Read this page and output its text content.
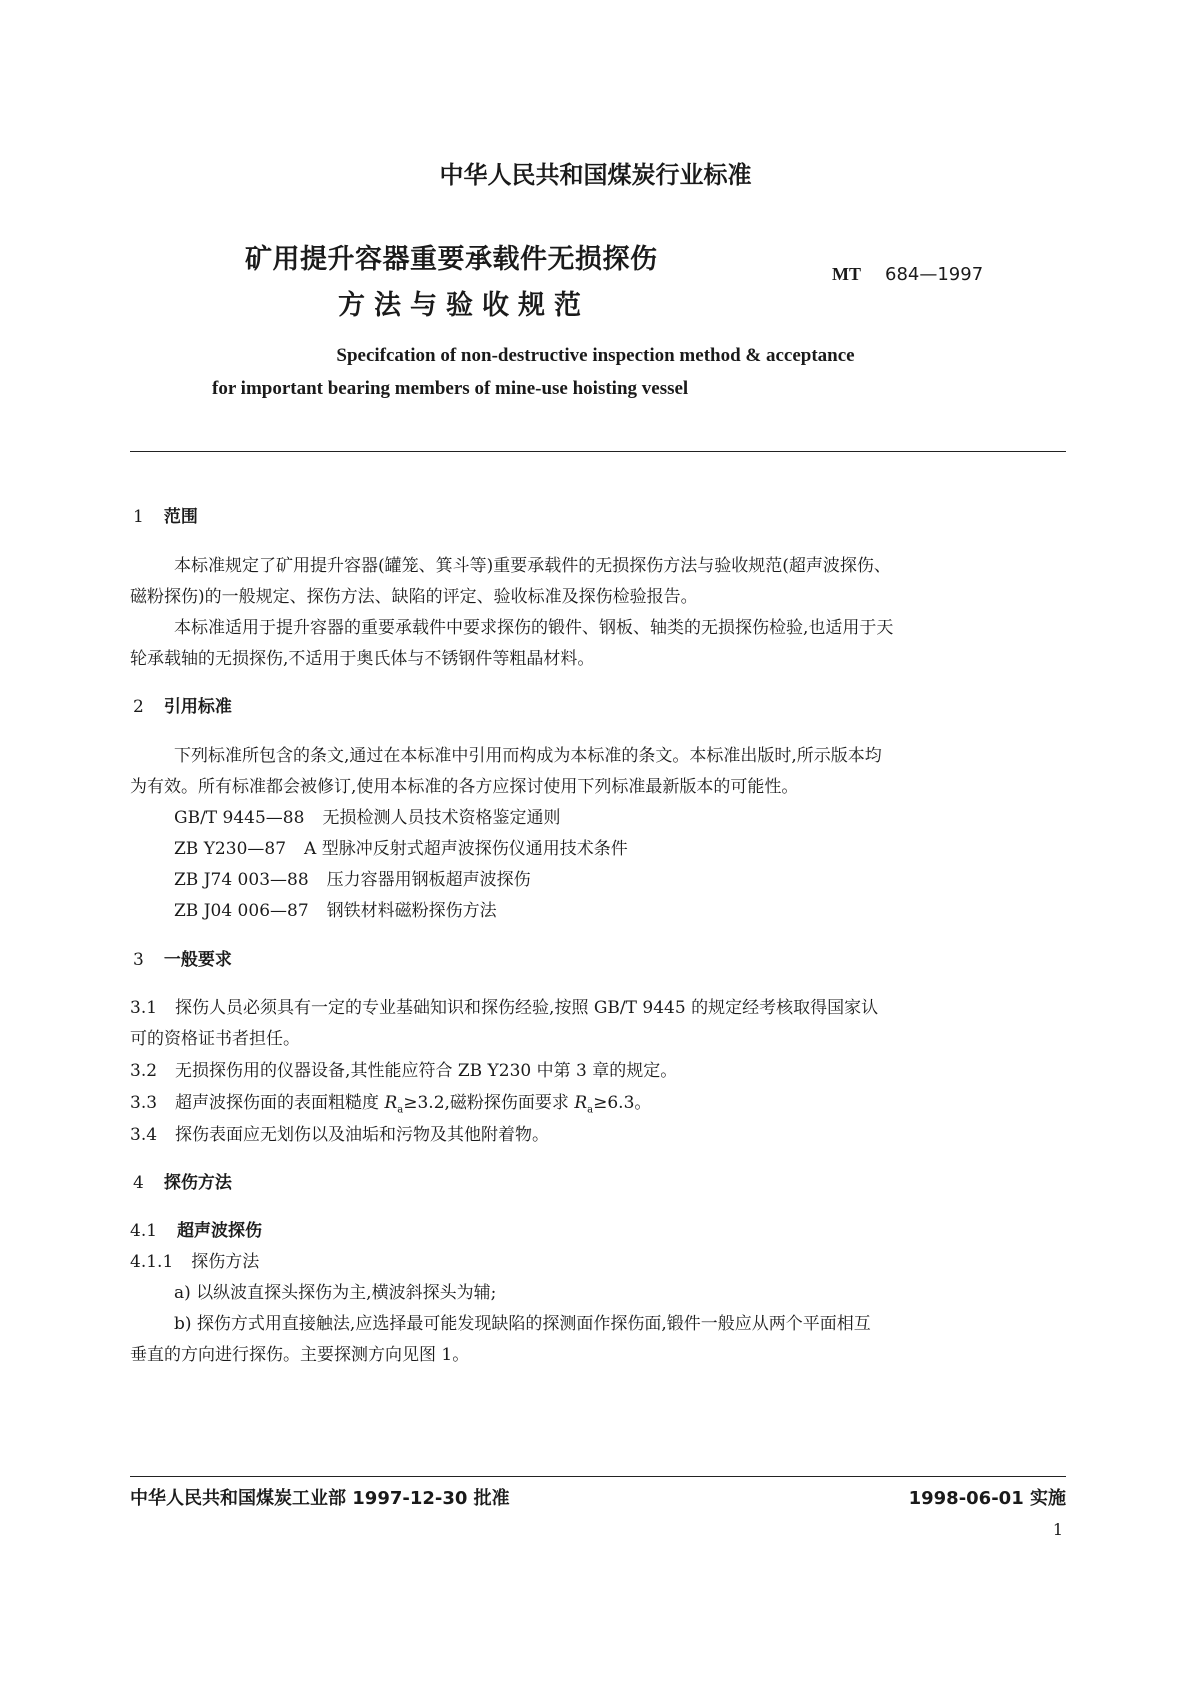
中华人民共和国煤炭行业标准
矿用提升容器重要承载件无损探伤
方法与验收规范
MT 684—1997
Specifcation of non-destructive inspection method & acceptance
for important bearing members of mine-use hoisting vessel
1 范围
本标准规定了矿用提升容器(罐笼、箕斗等)重要承载件的无损探伤方法与验收规范(超声波探伤、
磁粉探伤)的一般规定、探伤方法、缺陷的评定、验收标准及探伤检验报告。
本标准适用于提升容器的重要承载件中要求探伤的锻件、钢板、轴类的无损探伤检验,也适用于天
轮承载轴的无损探伤,不适用于奥氏体与不锈钢件等粗晶材料。
2 引用标准
下列标准所包含的条文,通过在本标准中引用而构成为本标准的条文。本标准出版时,所示版本均
为有效。所有标准都会被修订,使用本标准的各方应探讨使用下列标准最新版本的可能性。
GB/T 9445—88 无损检测人员技术资格鉴定通则
ZB Y230—87 A 型脉冲反射式超声波探伤仪通用技术条件
ZB J74 003—88 压力容器用钢板超声波探伤
ZB J04 006—87 钢铁材料磁粉探伤方法
3 一般要求
3.1 探伤人员必须具有一定的专业基础知识和探伤经验,按照 GB/T 9445 的规定经考核取得国家认
可的资格证书者担任。
3.2 无损探伤用的仪器设备,其性能应符合 ZB Y230 中第 3 章的规定。
3.3 超声波探伤面的表面粗糙度 $R_a\ge 3.2$,磁粉探伤面要求 $R_a\ge 6.3$。
3.4 探伤表面应无划伤以及油垢和污物及其他附着物。
4 探伤方法
4.1 超声波探伤
4.1.1 探伤方法
a) 以纵波直探头探伤为主,横波斜探头为辅;
b) 探伤方式用直接触法,应选择最可能发现缺陷的探测面作探伤面,锻件一般应从两个平面相互
垂直的方向进行探伤。主要探测方向见图 1。
中华人民共和国煤炭工业部 1997-12-30 批准	1998-06-01 实施
1
